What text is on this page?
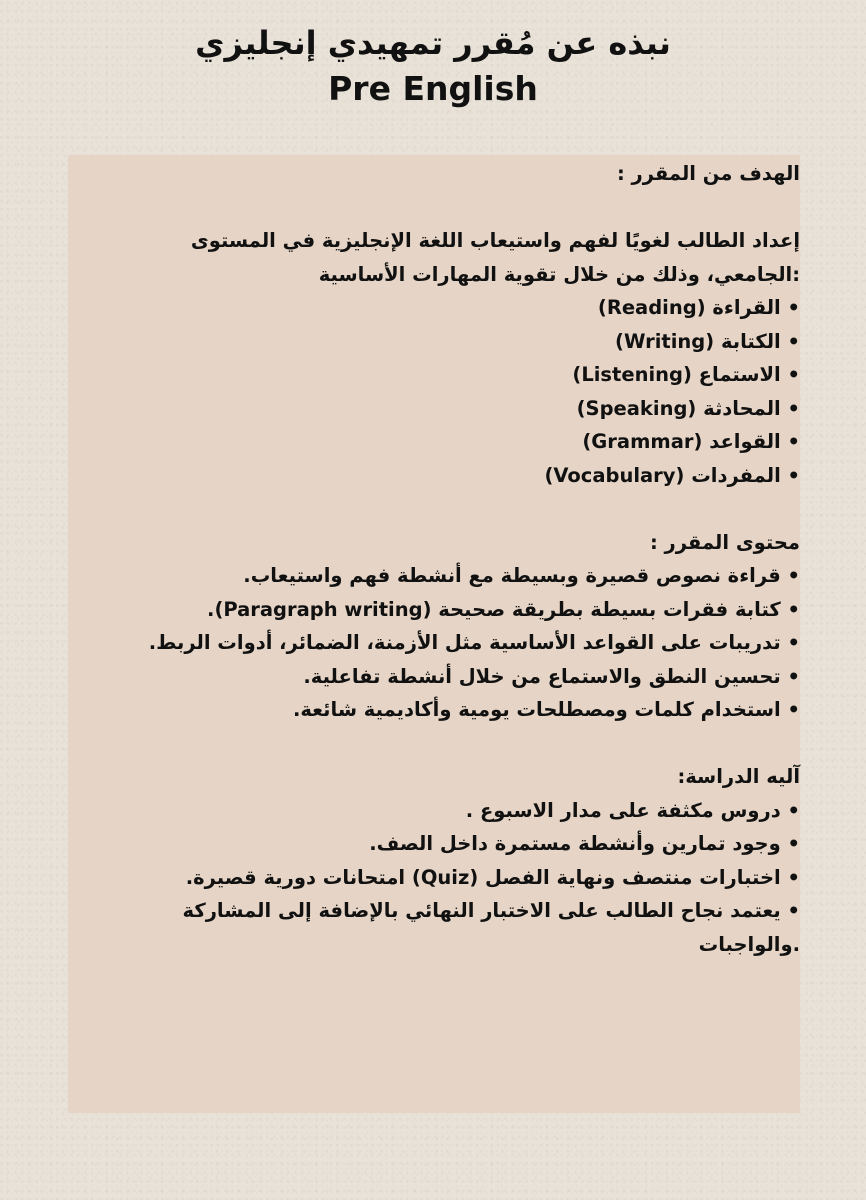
نبذه عن مُقرر تمهيدي إنجليزي
Pre English

الهدف من المقرر :

إعداد الطالب لغويًا لفهم واستيعاب اللغة الإنجليزية في المستوى

:الجامعي، وذلك من خلال تقوية المهارات الأساسية

• القراءة (Reading)

• الكتابة (Writing)

• الاستماع (Listening)

• المحادثة (Speaking)

• القواعد (Grammar)

• المفردات (Vocabulary)

محتوى المقرر :

• قراءة نصوص قصيرة وبسيطة مع أنشطة فهم واستيعاب.

• كتابة فقرات بسيطة بطريقة صحيحة (Paragraph writing).

• تدريبات على القواعد الأساسية مثل الأزمنة، الضمائر، أدوات الربط.

• تحسين النطق والاستماع من خلال أنشطة تفاعلية.

• استخدام كلمات ومصطلحات يومية وأكاديمية شائعة.

آليه الدراسة:

• دروس مكثفة على مدار الاسبوع .

• وجود تمارين وأنشطة مستمرة داخل الصف.

• اختبارات منتصف ونهاية الفصل (Quiz) امتحانات دورية قصيرة.

• يعتمد نجاح الطالب على الاختبار النهائي بالإضافة إلى المشاركة

.والواجبات
